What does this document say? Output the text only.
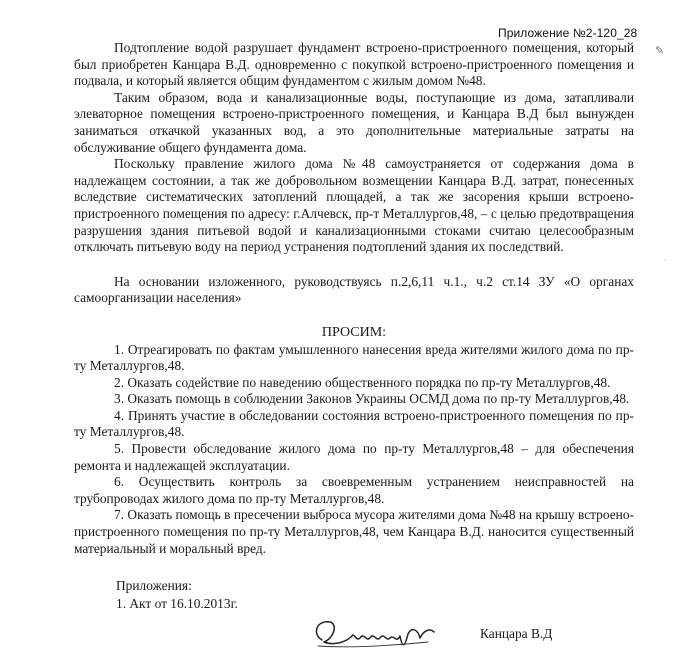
Приложение №2-120_28
✎
·

Подтопление водой разрушает фундамент встроено-пристроенного помещения, который был приобретен Канцара В.Д. одновременно с покупкой встроено-пристроенного помещения и подвала, и который является общим фундаментом с жилым домом №48.

Таким образом, вода и канализационные воды, поступающие из дома, затапливали элеваторное помещения встроено-пристроенного помещения, и Канцара В.Д был вынужден заниматься откачкой указанных вод, а это дополнительные материальные затраты на обслуживание общего фундамента дома.

Поскольку правление жилого дома №48 самоустраняется от содержания дома в надлежащем состоянии, а так же добровольном возмещении Канцара В.Д. затрат, понесенных вследствие систематических затоплений площадей, а так же засорения крыши встроено-пристроенного помещения по адресу: г.Алчевск, пр-т Металлургов,48, – с целью предотвращения разрушения здания питьевой водой и канализационными стоками считаю целесообразным отключать питьевую воду на период устранения подтоплений здания их последствий.

На основании изложенного, руководствуясь п.2,6,11 ч.1., ч.2 ст.14 ЗУ «О органах самоорганизации населения»

ПРОСИМ:

1. Отреагировать по фактам умышленного нанесения вреда жителями жилого дома по пр-ту Металлургов,48.

2. Оказать содействие по наведению общественного порядка по пр-ту Металлургов,48.

3. Оказать помощь в соблюдении Законов Украины ОСМД дома по пр-ту Металлургов,48.

4. Принять участие в обследовании состояния встроено-пристроенного помещения по пр-ту Металлургов,48.

5. Провести обследование жилого дома по пр-ту Металлургов,48 – для обеспечения ремонта и надлежащей эксплуатации.

6. Осуществить контроль за своевременным устранением неисправностей на трубопроводах жилого дома по пр-ту Металлургов,48.

7. Оказать помощь в пресечении выброса мусора жителями дома №48 на крышу встроено-пристроенного помещения по пр-ту Металлургов,48, чем Канцара В.Д. наносится существенный материальный и моральный вред.

Приложения:
1. Акт от 16.10.2013г.
Канцара В.Д
